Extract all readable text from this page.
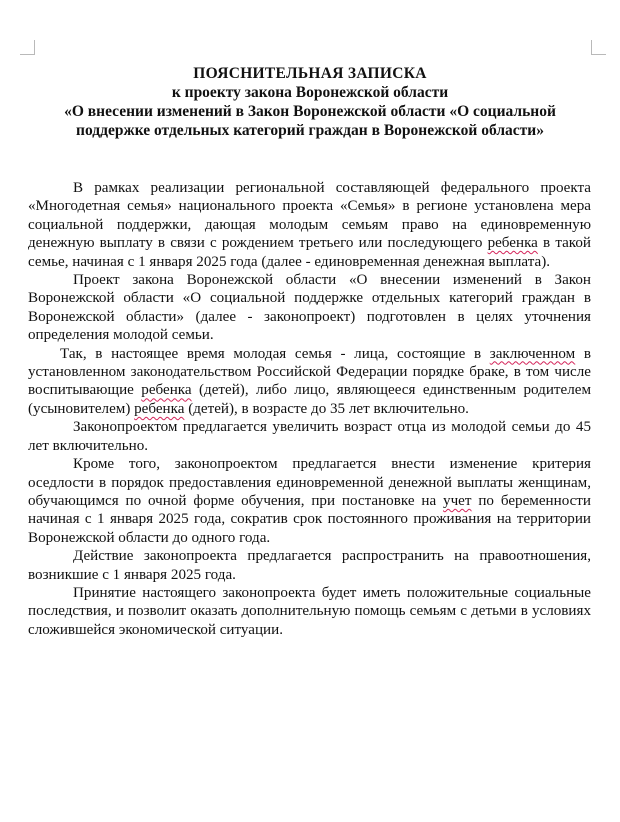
ПОЯСНИТЕЛЬНАЯ ЗАПИСКА
к проекту закона Воронежской области
«О внесении изменений в Закон Воронежской области «О социальной
поддержке отдельных категорий граждан в Воронежской области»

В рамках реализации региональной составляющей федерального проекта «Многодетная семья» национального проекта «Семья» в регионе установлена мера социальной поддержки, дающая молодым семьям право на единовременную денежную выплату в связи с рождением третьего или последующего ребенка в такой семье, начиная с 1 января 2025 года (далее - единовременная денежная выплата).

Проект закона Воронежской области «О внесении изменений в Закон Воронежской области «О социальной поддержке отдельных категорий граждан в Воронежской области» (далее - законопроект) подготовлен в целях уточнения определения молодой семьи.

Так, в настоящее время молодая семья - лица, состоящие в заключенном в установленном законодательством Российской Федерации порядке браке, в том числе воспитывающие ребенка (детей), либо лицо, являющееся единственным родителем (усыновителем) ребенка (детей), в возрасте до 35 лет включительно.

Законопроектом предлагается увеличить возраст отца из молодой семьи до 45 лет включительно.

Кроме того, законопроектом предлагается внести изменение критерия оседлости в порядок предоставления единовременной денежной выплаты женщинам, обучающимся по очной форме обучения, при постановке на учет по беременности начиная с 1 января 2025 года, сократив срок постоянного проживания на территории Воронежской области до одного года.

Действие законопроекта предлагается распространить на правоотношения, возникшие с 1 января 2025 года.

Принятие настоящего законопроекта будет иметь положительные социальные последствия, и позволит оказать дополнительную помощь семьям с детьми в условиях сложившейся экономической ситуации.
